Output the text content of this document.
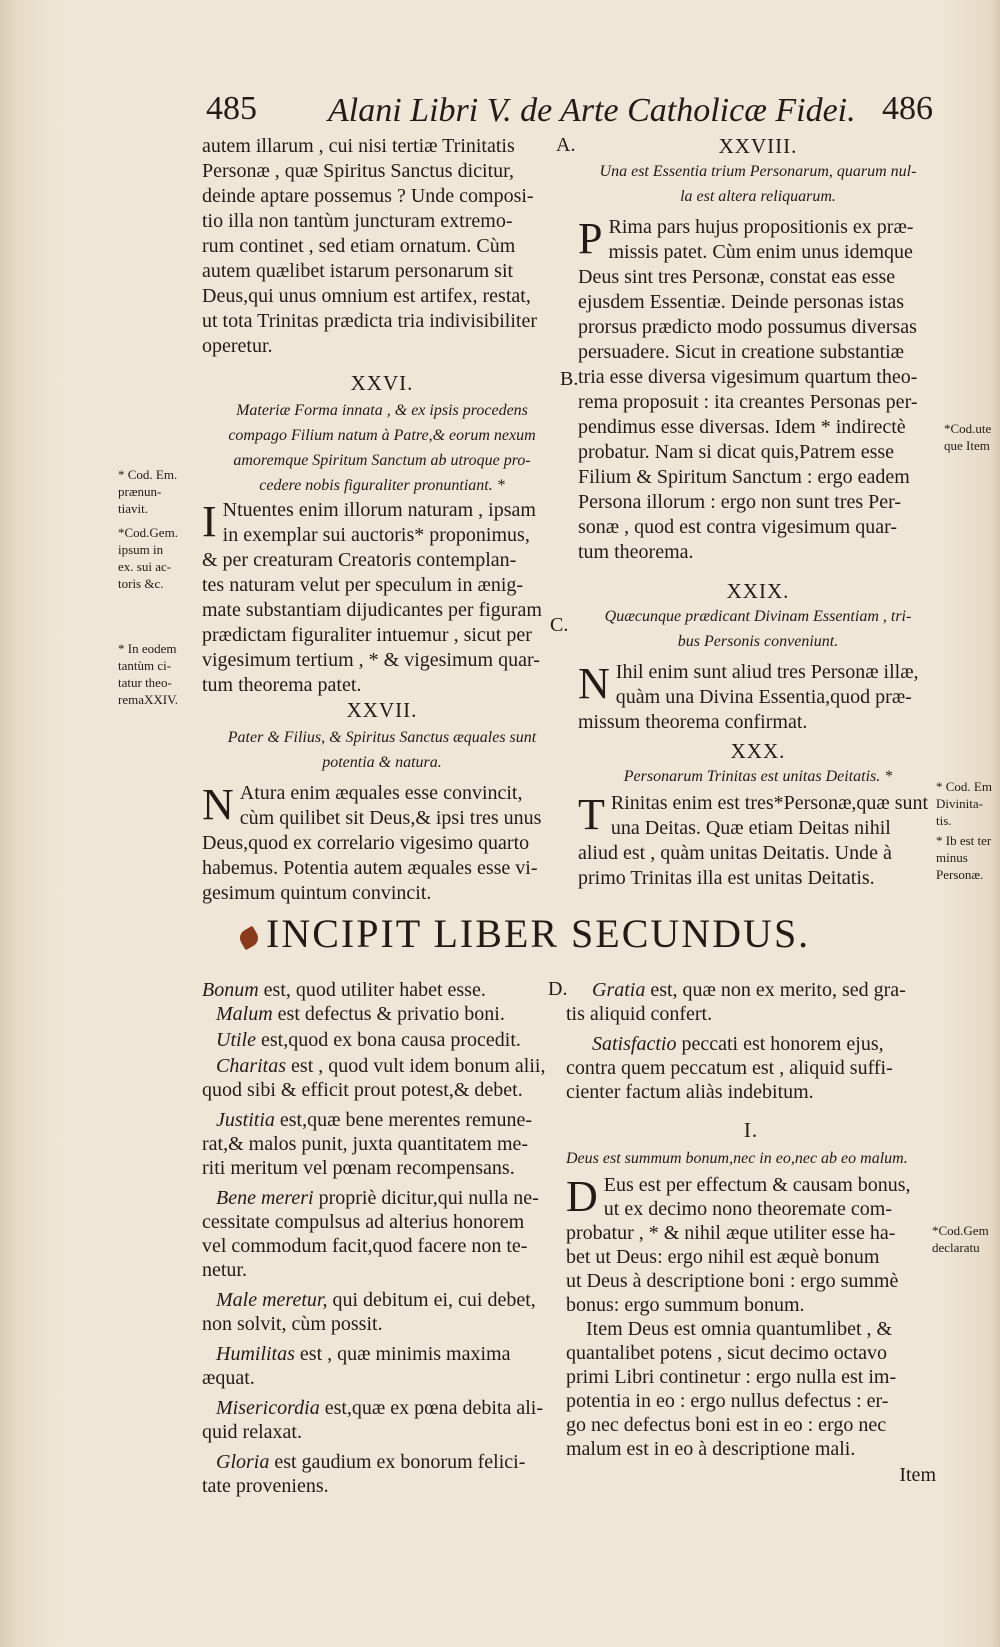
485 Alani Libri V. de Arte Catholicæ Fidei. 486
autem illarum , cui nisi tertiæ Trinitatis
Personæ , quæ Spiritus Sanctus dicitur,
deinde aptare possemus ? Unde composi-
tio illa non tantùm juncturam extremo-
rum continet , sed etiam ornatum. Cùm
autem quælibet istarum personarum sit
Deus,qui unus omnium est artifex, restat,
ut tota Trinitas prædicta tria indivisibiliter
operetur.
XXVI.
Materiæ Forma innata , & ex ipsis procedens
compago Filium natum à Patre,& eorum nexum
amoremque Spiritum Sanctum ab utroque pro-
cedere nobis figuraliter pronuntiant. *
I Ntuentes enim illorum naturam , ipsam
in exemplar sui auctoris* proponimus,
& per creaturam Creatoris contemplan-
tes naturam velut per speculum in ænig-
mate substantiam dijudicantes per figuram
prædictam figuraliter intuemur , sicut per
vigesimum tertium , * & vigesimum quar-
tum theorema patet.
XXVII.
Pater & Filius, & Spiritus Sanctus æquales sunt
potentia & natura.
N Atura enim æquales esse convincit,
cùm quilibet sit Deus,& ipsi tres unus
Deus,quod ex correlario vigesimo quarto
habemus. Potentia autem æquales esse vi-
gesimum quintum convincit.
A.
B.
C.
D.
* Cod. Em.
prænun-
tiavit.
*Cod.Gem.
ipsum in
ex. sui ac-
toris &c.
* In eodem
tantùm ci-
tatur theo-
remaXXIV.
XXVIII.
Una est Essentia trium Personarum, quarum nul-
la est altera reliquarum.
P Rima pars hujus propositionis ex præ-
missis patet. Cùm enim unus idemque
Deus sint tres Personæ, constat eas esse
ejusdem Essentiæ. Deinde personas istas
prorsus prædicto modo possumus diversas
persuadere. Sicut in creatione substantiæ
tria esse diversa vigesimum quartum theo-
rema proposuit : ita creantes Personas per-
pendimus esse diversas. Idem * indirectè
probatur. Nam si dicat quis,Patrem esse
Filium & Spiritum Sanctum : ergo eadem
Persona illorum : ergo non sunt tres Per-
sonæ , quod est contra vigesimum quar-
tum theorema.
XXIX.
Quæcunque prædicant Divinam Essentiam , tri-
bus Personis conveniunt.
N Ihil enim sunt aliud tres Personæ illæ,
quàm una Divina Essentia,quod præ-
missum theorema confirmat.
XXX.
Personarum Trinitas est unitas Deitatis. *
T Rinitas enim est tres*Personæ,quæ sunt
una Deitas. Quæ etiam Deitas nihil
aliud est , quàm unitas Deitatis. Unde à
primo Trinitas illa est unitas Deitatis.
*Cod.ute
que Item
* Cod. Em
Divinita-
tis.
* Ib est ter
minus
Personæ.
*Cod.Gem
declaratu
INCIPIT LIBER SECUNDUS.
Bonum est, quod utiliter habet esse.
Malum est defectus & privatio boni.
Utile est,quod ex bona causa procedit.
Charitas est , quod vult idem bonum alii,
quod sibi & efficit prout potest,& debet.
Justitia est,quæ bene merentes remune-
rat,& malos punit, juxta quantitatem me-
riti meritum vel pœnam recompensans.
Bene mereri propriè dicitur,qui nulla ne-
cessitate compulsus ad alterius honorem
vel commodum facit,quod facere non te-
netur.
Male meretur, qui debitum ei, cui debet,
non solvit, cùm possit.
Humilitas est , quæ minimis maxima
æquat.
Misericordia est,quæ ex pœna debita ali-
quid relaxat.
Gloria est gaudium ex bonorum felici-
tate proveniens.
Gratia est, quæ non ex merito, sed gra-
tis aliquid confert.
Satisfactio peccati est honorem ejus,
contra quem peccatum est , aliquid suffi-
cienter factum aliàs indebitum.
I.
Deus est summum bonum,nec in eo,nec ab eo malum.
D Eus est per effectum & causam bonus,
ut ex decimo nono theoremate com-
probatur , * & nihil æque utiliter esse ha-
bet ut Deus: ergo nihil est æquè bonum
ut Deus à descriptione boni : ergo summè
bonus: ergo summum bonum.
Item Deus est omnia quantumlibet , &
quantalibet potens , sicut decimo octavo
primi Libri continetur : ergo nulla est im-
potentia in eo : ergo nullus defectus : er-
go nec defectus boni est in eo : ergo nec
malum est in eo à descriptione mali.
Item
